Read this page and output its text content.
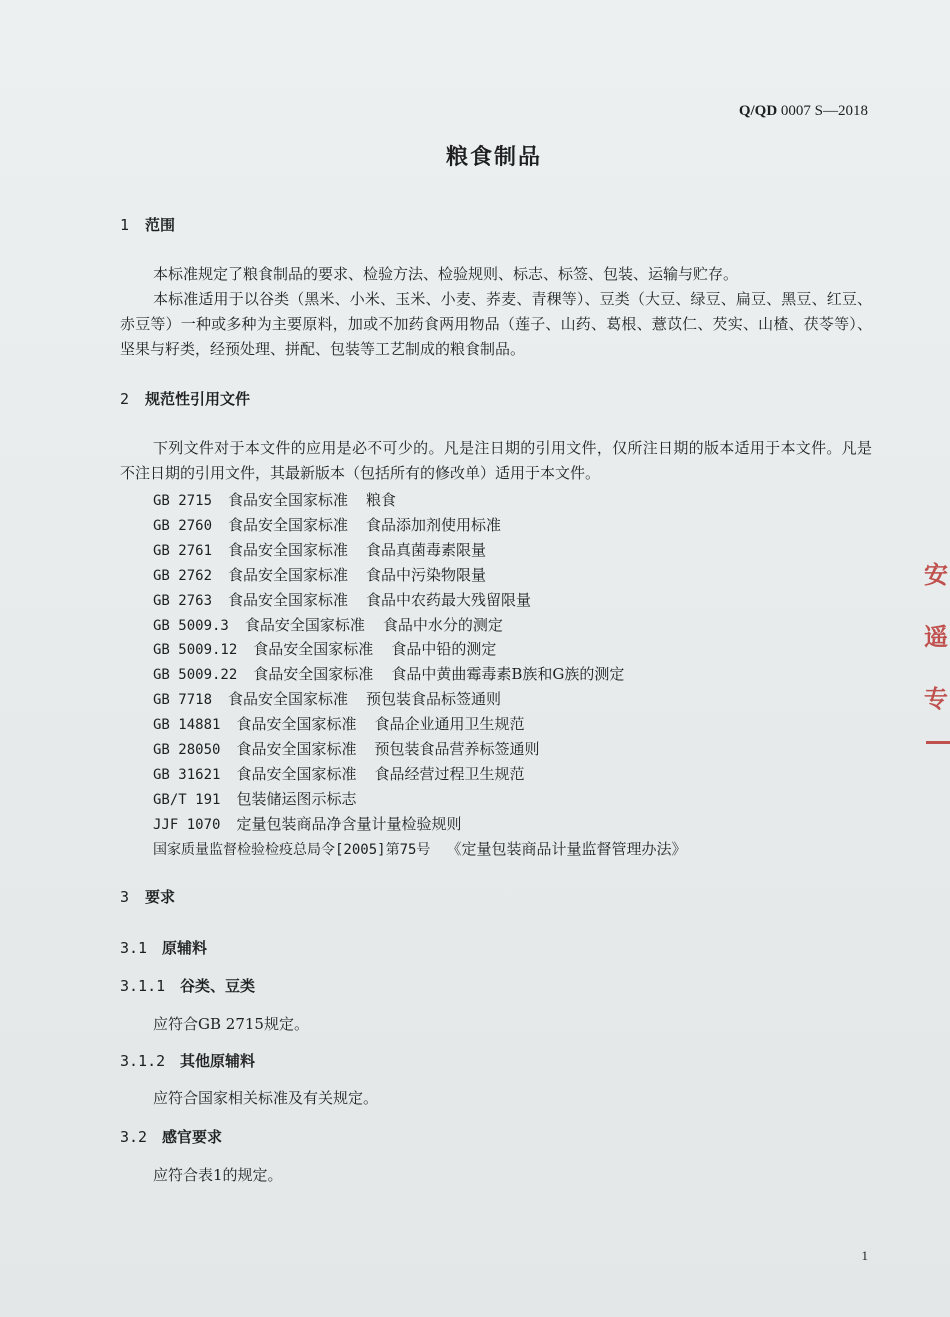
Q/QD 0007 S—2018
粮食制品
1 范围
本标准规定了粮食制品的要求、检验方法、检验规则、标志、标签、包装、运输与贮存。
本标准适用于以谷类（黑米、小米、玉米、小麦、荞麦、青稞等）、豆类（大豆、绿豆、扁豆、黑豆、红豆、赤豆等）一种或多种为主要原料，加或不加药食两用物品（莲子、山药、葛根、薏苡仁、芡实、山楂、茯苓等）、坚果与籽类，经预处理、拼配、包装等工艺制成的粮食制品。
2 规范性引用文件
下列文件对于本文件的应用是必不可少的。凡是注日期的引用文件，仅所注日期的版本适用于本文件。凡是不注日期的引用文件，其最新版本（包括所有的修改单）适用于本文件。
GB 2715 食品安全国家标准 粮食
GB 2760 食品安全国家标准 食品添加剂使用标准
GB 2761 食品安全国家标准 食品真菌毒素限量
GB 2762 食品安全国家标准 食品中污染物限量
GB 2763 食品安全国家标准 食品中农药最大残留限量
GB 5009.3 食品安全国家标准 食品中水分的测定
GB 5009.12 食品安全国家标准 食品中铅的测定
GB 5009.22 食品安全国家标准 食品中黄曲霉毒素B族和G族的测定
GB 7718 食品安全国家标准 预包装食品标签通则
GB 14881 食品安全国家标准 食品企业通用卫生规范
GB 28050 食品安全国家标准 预包装食品营养标签通则
GB 31621 食品安全国家标准 食品经营过程卫生规范
GB/T 191 包装储运图示标志
JJF 1070 定量包装商品净含量计量检验规则
国家质量监督检验检疫总局令[2005]第75号 《定量包装商品计量监督管理办法》
3 要求
3.1 原辅料
3.1.1 谷类、豆类
应符合GB 2715规定。
3.1.2 其他原辅料
应符合国家相关标准及有关规定。
3.2 感官要求
应符合表1的规定。
1
安
遥
专
